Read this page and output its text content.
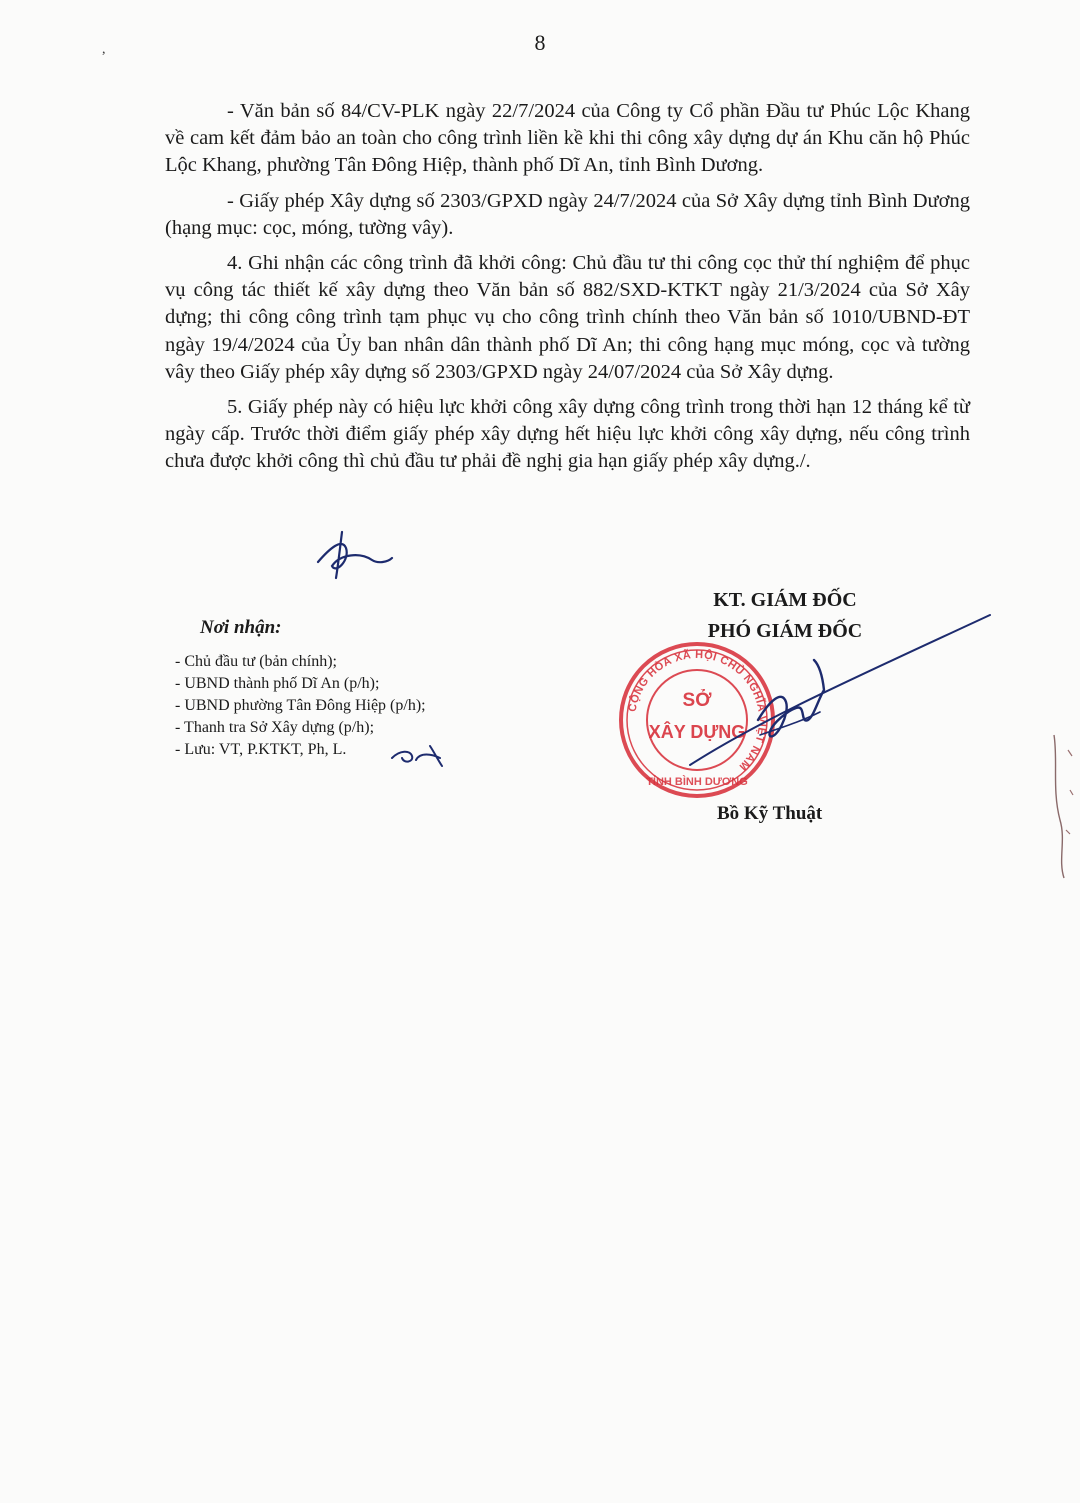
,	8

- Văn bản số 84/CV-PLK ngày 22/7/2024 của Công ty Cổ phần Đầu tư Phúc Lộc Khang về cam kết đảm bảo an toàn cho công trình liền kề khi thi công xây dựng dự án Khu căn hộ Phúc Lộc Khang, phường Tân Đông Hiệp, thành phố Dĩ An, tỉnh Bình Dương.

- Giấy phép Xây dựng số 2303/GPXD ngày 24/7/2024 của Sở Xây dựng tỉnh Bình Dương (hạng mục: cọc, móng, tường vây).

4. Ghi nhận các công trình đã khởi công: Chủ đầu tư thi công cọc thử thí nghiệm để phục vụ công tác thiết kế xây dựng theo Văn bản số 882/SXD-KTKT ngày 21/3/2024 của Sở Xây dựng; thi công công trình tạm phục vụ cho công trình chính theo Văn bản số 1010/UBND-ĐT ngày 19/4/2024 của Ủy ban nhân dân thành phố Dĩ An; thi công hạng mục móng, cọc và tường vây theo Giấy phép xây dựng số 2303/GPXD ngày 24/07/2024 của Sở Xây dựng.

5. Giấy phép này có hiệu lực khởi công xây dựng công trình trong thời hạn 12 tháng kể từ ngày cấp. Trước thời điểm giấy phép xây dựng hết hiệu lực khởi công xây dựng, nếu công trình chưa được khởi công thì chủ đầu tư phải đề nghị gia hạn giấy phép xây dựng./.

Nơi nhận:
- Chủ đầu tư (bản chính);
- UBND thành phố Dĩ An (p/h);
- UBND phường Tân Đông Hiệp (p/h);
- Thanh tra Sở Xây dựng (p/h);
- Lưu: VT, P.KTKT, Ph, L.
KT. GIÁM ĐỐC
PHÓ GIÁM ĐỐC
CỘNG HÒA XÃ HỘI CHỦ NGHĨA VIỆT NAM
SỞ
XÂY DỰNG
TỈNH BÌNH DƯƠNG
Bồ Kỹ Thuật
